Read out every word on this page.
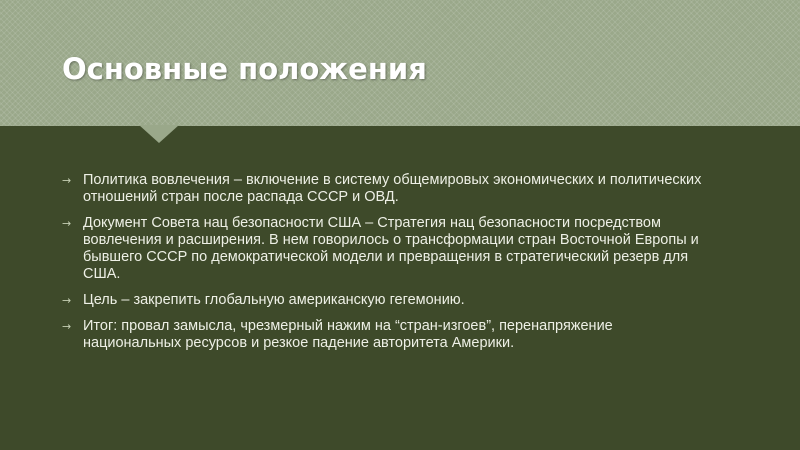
Основные положения
→ Политика вовлечения – включение в систему общемировых экономических и политических отношений стран после распада СССР и ОВД.
→ Документ Совета нац безопасности США – Стратегия нац безопасности посредством вовлечения и расширения. В нем говорилось о трансформации стран Восточной Европы и бывшего СССР по демократической модели и превращения в стратегический резерв для США.
→ Цель – закрепить глобальную американскую гегемонию.
→ Итог: провал замысла, чрезмерный нажим на “стран-изгоев”, перенапряжение национальных ресурсов и резкое падение авторитета Америки.
